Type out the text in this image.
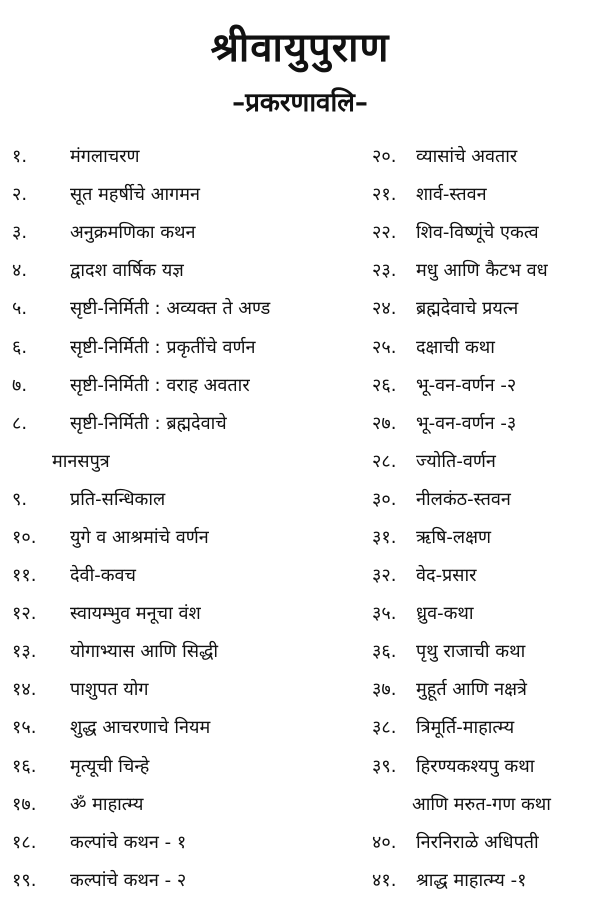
श्रीवायुपुराण
–प्रकरणावलि–
१.	मंगलाचरण
२.	सूत महर्षीचे आगमन
३.	अनुक्रमणिका कथन
४.	द्वादश वार्षिक यज्ञ
५.	सृष्टी-निर्मिती : अव्यक्त ते अण्ड
६.	सृष्टी-निर्मिती : प्रकृतींचे वर्णन
७.	सृष्टी-निर्मिती : वराह अवतार
८.	सृष्टी-निर्मिती : ब्रह्मदेवाचे
मानसपुत्र
९.	प्रति-सन्धिकाल
१०.	युगे व आश्रमांचे वर्णन
११.	देवी-कवच
१२.	स्वायम्भुव मनूचा वंश
१३.	योगाभ्यास आणि सिद्धी
१४.	पाशुपत योग
१५.	शुद्ध आचरणाचे नियम
१६.	मृत्यूची चिन्हे
१७.	ॐ माहात्म्य
१८.	कल्पांचे कथन - १
१९.	कल्पांचे कथन - २
२०.	व्यासांचे अवतार
२१.	शार्व-स्तवन
२२.	शिव-विष्णूंचे एकत्व
२३.	मधु आणि कैटभ वध
२४.	ब्रह्मदेवाचे प्रयत्न
२५.	दक्षाची कथा
२६.	भू-वन-वर्णन -२
२७.	भू-वन-वर्णन -३
२८.	ज्योति-वर्णन
३०.	नीलकंठ-स्तवन
३१.	ऋषि-लक्षण
३२.	वेद-प्रसार
३५.	ध्रुव-कथा
३६.	पृथु राजाची कथा
३७.	मुहूर्त आणि नक्षत्रे
३८.	त्रिमूर्ति-माहात्म्य
३९.	हिरण्यकश्यपु कथा
आणि मरुत-गण कथा
४०.	निरनिराळे अधिपती
४१.	श्राद्ध माहात्म्य -१
